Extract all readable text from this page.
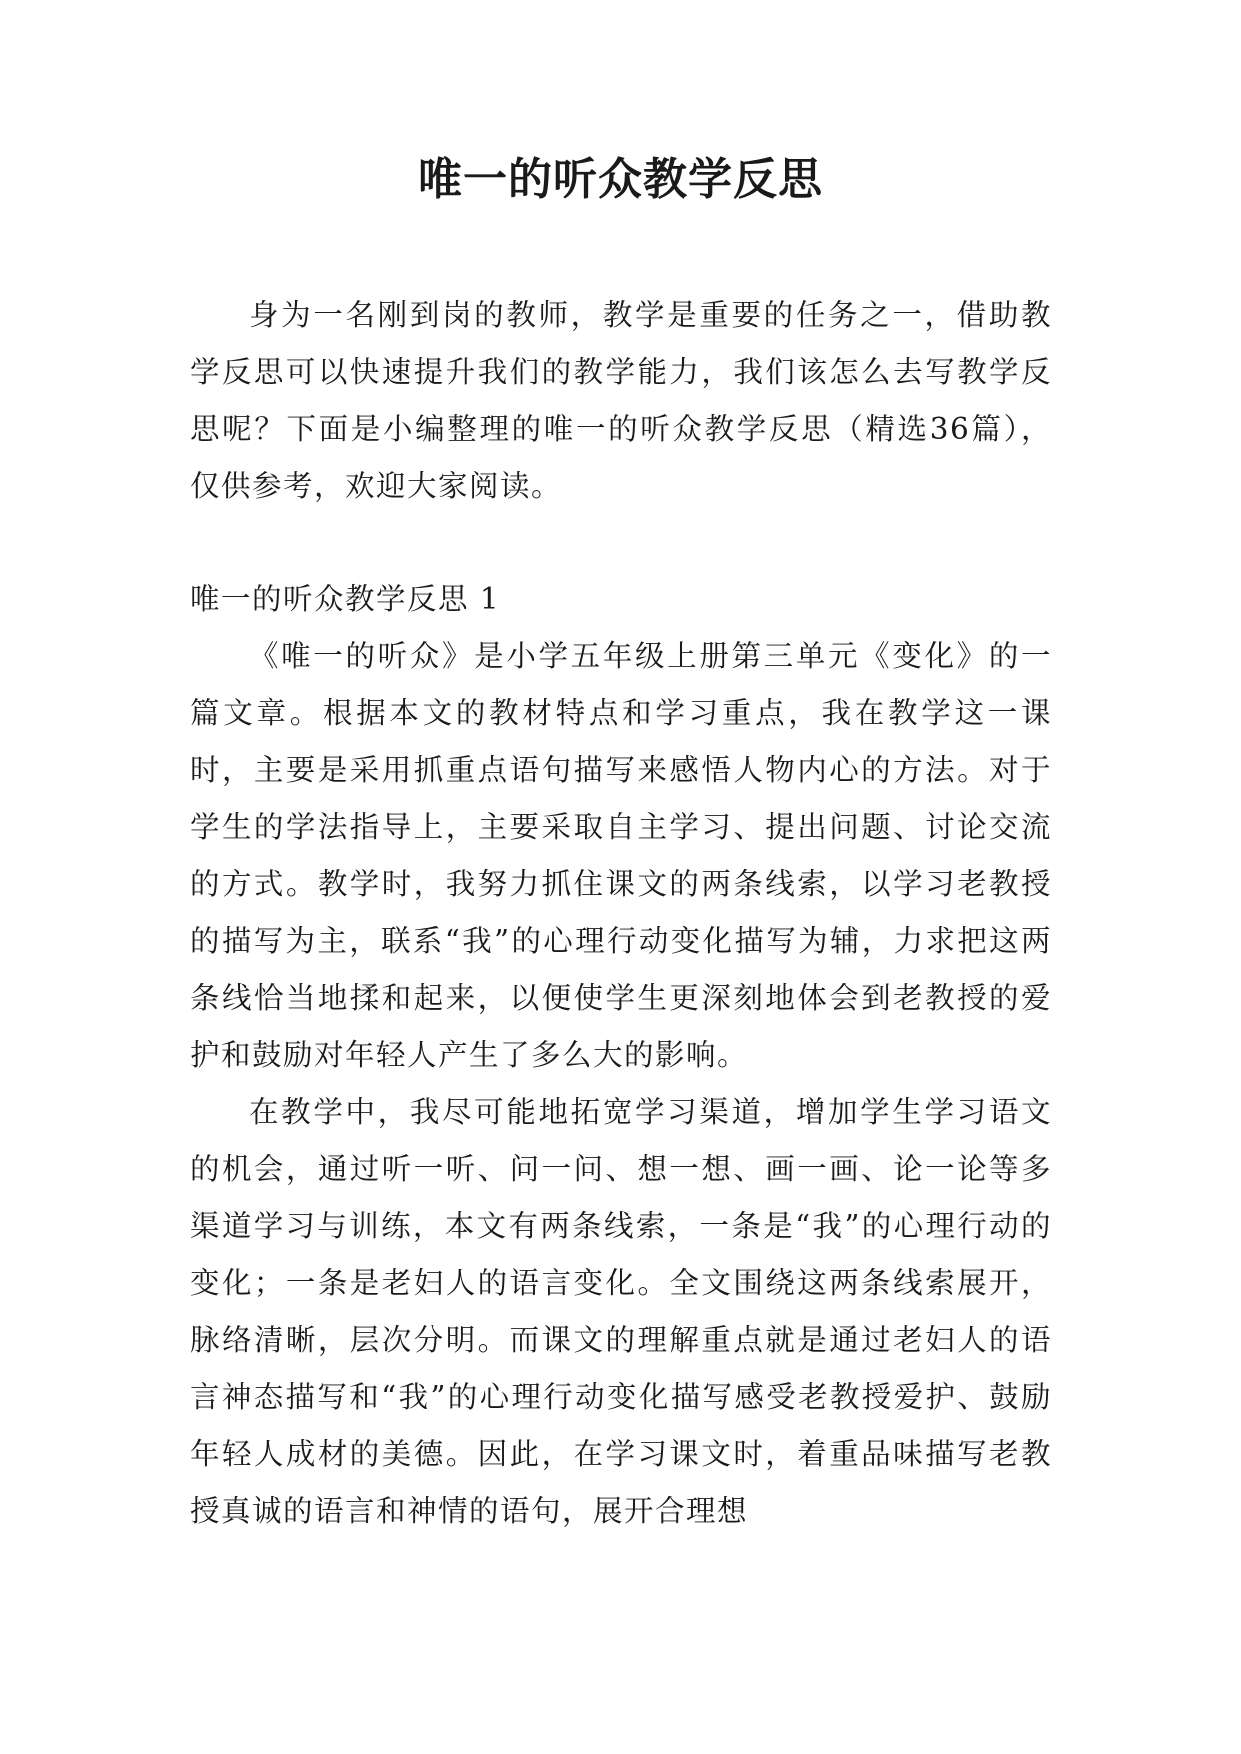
唯一的听众教学反思

身为一名刚到岗的教师，教学是重要的任务之一，借助教学反思可以快速提升我们的教学能力，我们该怎么去写教学反思呢？下面是小编整理的唯一的听众教学反思（精选36篇），仅供参考，欢迎大家阅读。

唯一的听众教学反思 1

《唯一的听众》是小学五年级上册第三单元《变化》的一篇文章。根据本文的教材特点和学习重点，我在教学这一课时，主要是采用抓重点语句描写来感悟人物内心的方法。对于学生的学法指导上，主要采取自主学习、提出问题、讨论交流的方式。教学时，我努力抓住课文的两条线索，以学习老教授的描写为主，联系“我”的心理行动变化描写为辅，力求把这两条线恰当地揉和起来，以便使学生更深刻地体会到老教授的爱护和鼓励对年轻人产生了多么大的影响。

在教学中，我尽可能地拓宽学习渠道，增加学生学习语文的机会，通过听一听、问一问、想一想、画一画、论一论等多渠道学习与训练，本文有两条线索，一条是“我”的心理行动的变化；一条是老妇人的语言变化。全文围绕这两条线索展开，脉络清晰，层次分明。而课文的理解重点就是通过老妇人的语言神态描写和“我”的心理行动变化描写感受老教授爱护、鼓励年轻人成材的美德。因此，在学习课文时，着重品味描写老教授真诚的语言和神情的语句，展开合理想
